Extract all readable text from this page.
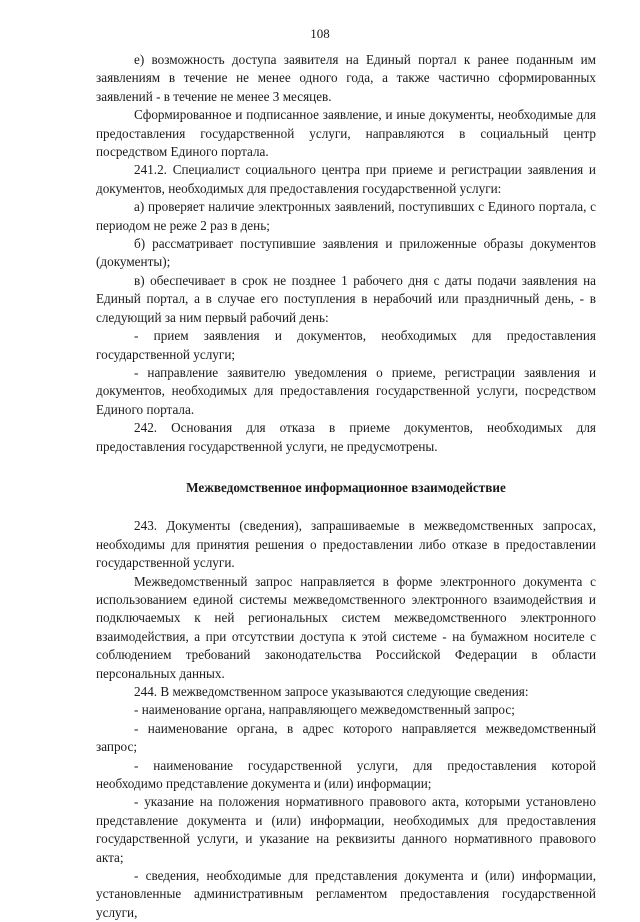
108

е) возможность доступа заявителя на Единый портал к ранее поданным им заявлениям в течение не менее одного года, а также частично сформированных заявлений - в течение не менее 3 месяцев.

Сформированное и подписанное заявление, и иные документы, необходимые для предоставления государственной услуги, направляются в социальный центр посредством Единого портала.

241.2. Специалист социального центра при приеме и регистрации заявления и документов, необходимых для предоставления государственной услуги:

а) проверяет наличие электронных заявлений, поступивших с Единого портала, с периодом не реже 2 раз в день;

б) рассматривает поступившие заявления и приложенные образы документов (документы);

в) обеспечивает в срок не позднее 1 рабочего дня с даты подачи заявления на Единый портал, а в случае его поступления в нерабочий или праздничный день, - в следующий за ним первый рабочий день:

- прием заявления и документов, необходимых для предоставления государственной услуги;

- направление заявителю уведомления о приеме, регистрации заявления и документов, необходимых для предоставления государственной услуги, посредством Единого портала.

242. Основания для отказа в приеме документов, необходимых для предоставления государственной услуги, не предусмотрены.

Межведомственное информационное взаимодействие

243. Документы (сведения), запрашиваемые в межведомственных запросах, необходимы для принятия решения о предоставлении либо отказе в предоставлении государственной услуги.

Межведомственный запрос направляется в форме электронного документа с использованием единой системы межведомственного электронного взаимодействия и подключаемых к ней региональных систем межведомственного электронного взаимодействия, а при отсутствии доступа к этой системе - на бумажном носителе с соблюдением требований законодательства Российской Федерации в области персональных данных.

244. В межведомственном запросе указываются следующие сведения:

- наименование органа, направляющего межведомственный запрос;

- наименование органа, в адрес которого направляется межведомственный запрос;

- наименование государственной услуги, для предоставления которой необходимо представление документа и (или) информации;

- указание на положения нормативного правового акта, которыми установлено представление документа и (или) информации, необходимых для предоставления государственной услуги, и указание на реквизиты данного нормативного правового акта;

- сведения, необходимые для представления документа и (или) информации, установленные административным регламентом предоставления государственной услуги,
